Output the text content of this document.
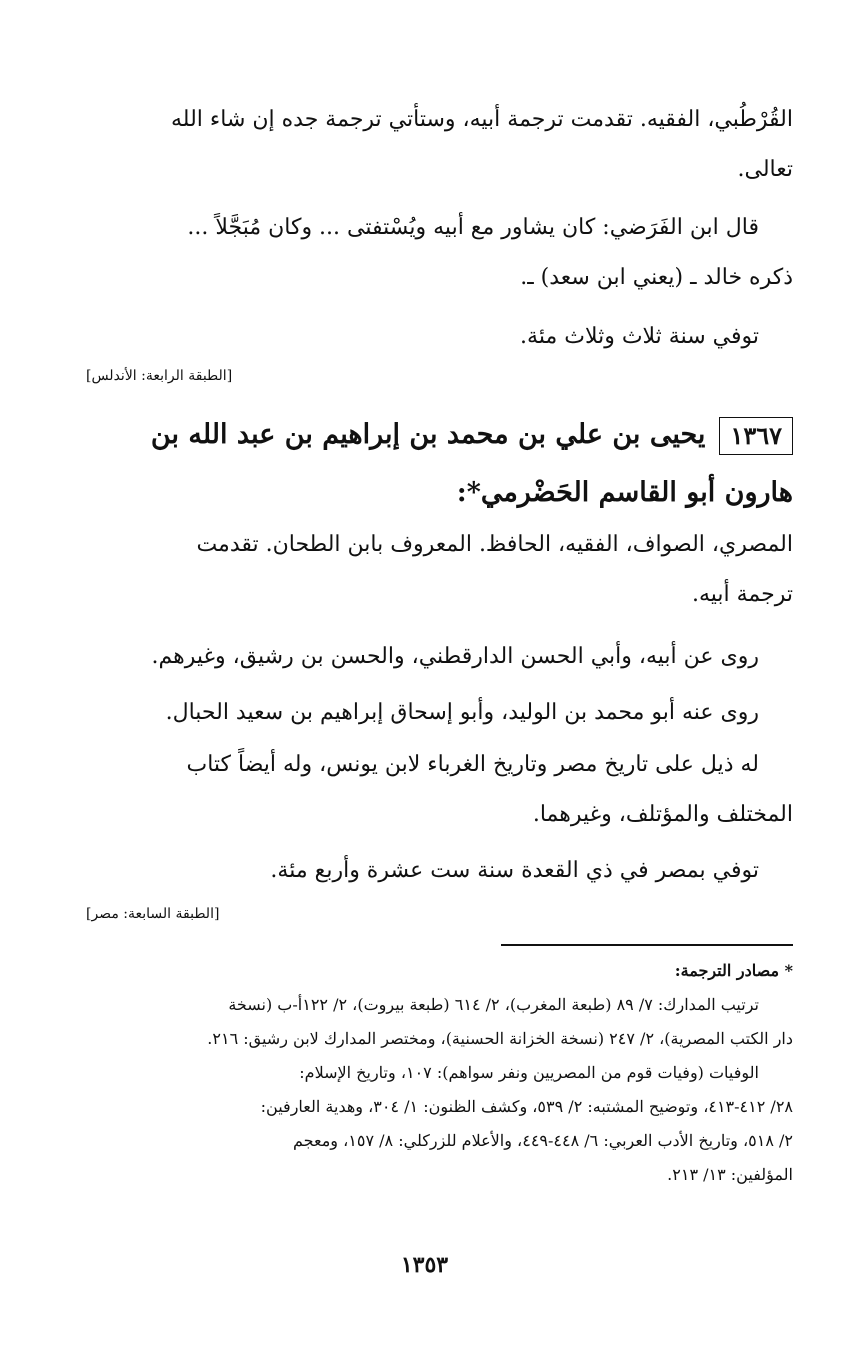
القُرْطُبي، الفقيه. تقدمت ترجمة أبيه، وستأتي ترجمة جده إن شاء الله
تعالى.
قال ابن الفَرَضي: كان يشاور مع أبيه ويُسْتفتى ... وكان مُبَجَّلاً ...
ذكره خالد ـ (يعني ابن سعد) ـ.
توفي سنة ثلاث وثلاث مئة.
[الطبقة الرابعة: الأندلس]
١٣٦٧يحيى بن علي بن محمد بن إبراهيم بن عبد الله بن
هارون أبو القاسم الحَضْرمي*:
المصري، الصواف، الفقيه، الحافظ. المعروف بابن الطحان. تقدمت
ترجمة أبيه.
روى عن أبيه، وأبي الحسن الدارقطني، والحسن بن رشيق، وغيرهم.
روى عنه أبو محمد بن الوليد، وأبو إسحاق إبراهيم بن سعيد الحبال.
له ذيل على تاريخ مصر وتاريخ الغرباء لابن يونس، وله أيضاً كتاب
المختلف والمؤتلف، وغيرهما.
توفي بمصر في ذي القعدة سنة ست عشرة وأربع مئة.
[الطبقة السابعة: مصر]
* مصادر الترجمة:
ترتيب المدارك: ٧/ ٨٩ (طبعة المغرب)، ٢/ ٦١٤ (طبعة بيروت)، ٢/ ١٢٢أ-ب (نسخة
دار الكتب المصرية)، ٢/ ٢٤٧ (نسخة الخزانة الحسنية)، ومختصر المدارك لابن رشيق: ٢١٦.
الوفيات (وفيات قوم من المصريين ونفر سواهم): ١٠٧، وتاريخ الإسلام:
٢٨/ ٤١٢-٤١٣، وتوضيح المشتبه: ٢/ ٥٣٩، وكشف الظنون: ١/ ٣٠٤، وهدية العارفين:
٢/ ٥١٨، وتاريخ الأدب العربي: ٦/ ٤٤٨-٤٤٩، والأعلام للزركلي: ٨/ ١٥٧، ومعجم
المؤلفين: ١٣/ ٢١٣.
١٣٥٣
